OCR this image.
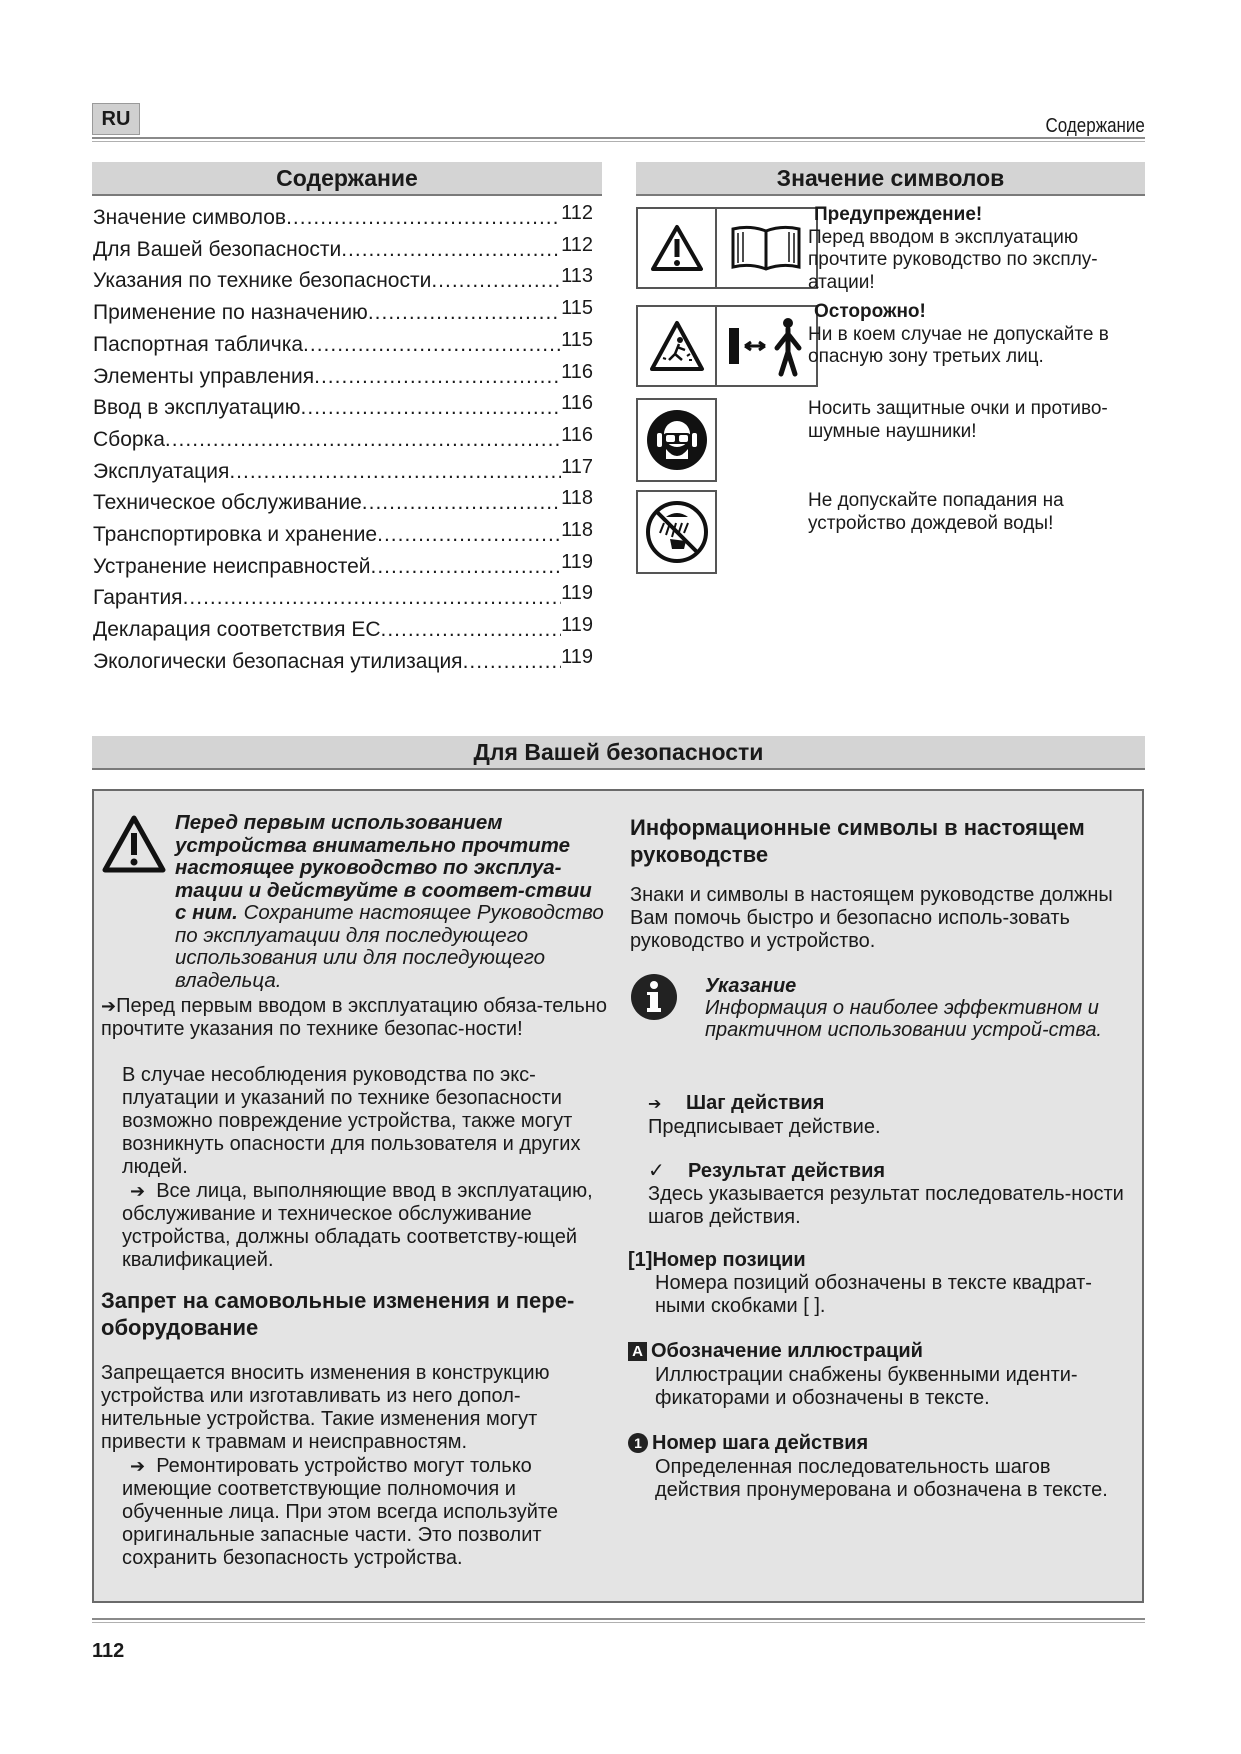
RU	Содержание
Содержание
Значение символов .....	112
Для Вашей безопасности .....	112
Указания по технике безопасности .....	113
Применение по назначению .....	115
Паспортная табличка .....	115
Элементы управления .....	116
Ввод в эксплуатацию .....	116
Сборка .....	116
Эксплуатация .....	117
Техническое обслуживание .....	118
Транспортировка и хранение .....	118
Устранение неисправностей .....	119
Гарантия .....	119
Декларация соответствия ЕС .....	119
Экологически безопасная утилизация .....	119
Значение символов
Предупреждение!
Перед вводом в эксплуатацию прочтите руководство по эксплу-атации!
Осторожно!
Ни в коем случае не допускайте в опасную зону третьих лиц.
Носить защитные очки и противо-шумные наушники!
Не допускайте попадания на устройство дождевой воды!
Для Вашей безопасности
Перед первым использованием устройства внимательно прочтите настоящее руководство по эксплуа-тации и действуйте в соответ-ствии с ним. Сохраните настоящее Руководство по эксплуатации для последующего использования или для последующего владельца.
➔Перед первым вводом в эксплуатацию обяза-тельно прочтите указания по технике безопас-ности!
В случае несоблюдения руководства по экс-плуатации и указаний по технике безопасности возможно повреждение устройства, также могут возникнуть опасности для пользователя и других людей.
➔ Все лица, выполняющие ввод в эксплуатацию, обслуживание и техническое обслуживание устройства, должны обладать соответству-ющей квалификацией.
Запрет на самовольные изменения и пере-оборудование
Запрещается вносить изменения в конструкцию устройства или изготавливать из него допол-нительные устройства. Такие изменения могут привести к травмам и неисправностям.
➔ Ремонтировать устройство могут только имеющие соответствующие полномочия и обученные лица. При этом всегда используйте оригинальные запасные части. Это позволит сохранить безопасность устройства.
Информационные символы в настоящем руководстве
Знаки и символы в настоящем руководстве должны Вам помочь быстро и безопасно исполь-зовать руководство и устройство.
Указание
Информация о наиболее эффективном и практичном использовании устрой-ства.
➔ Шаг действия
Предписывает действие.
✓ Результат действия
Здесь указывается результат последователь-ности шагов действия.
[1]Номер позиции
Номера позиций обозначены в тексте квадрат-ными скобками [ ].
A Обозначение иллюстраций
Иллюстрации снабжены буквенными иденти-фикаторами и обозначены в тексте.
1 Номер шага действия
Определенная последовательность шагов действия пронумерована и обозначена в тексте.
112
